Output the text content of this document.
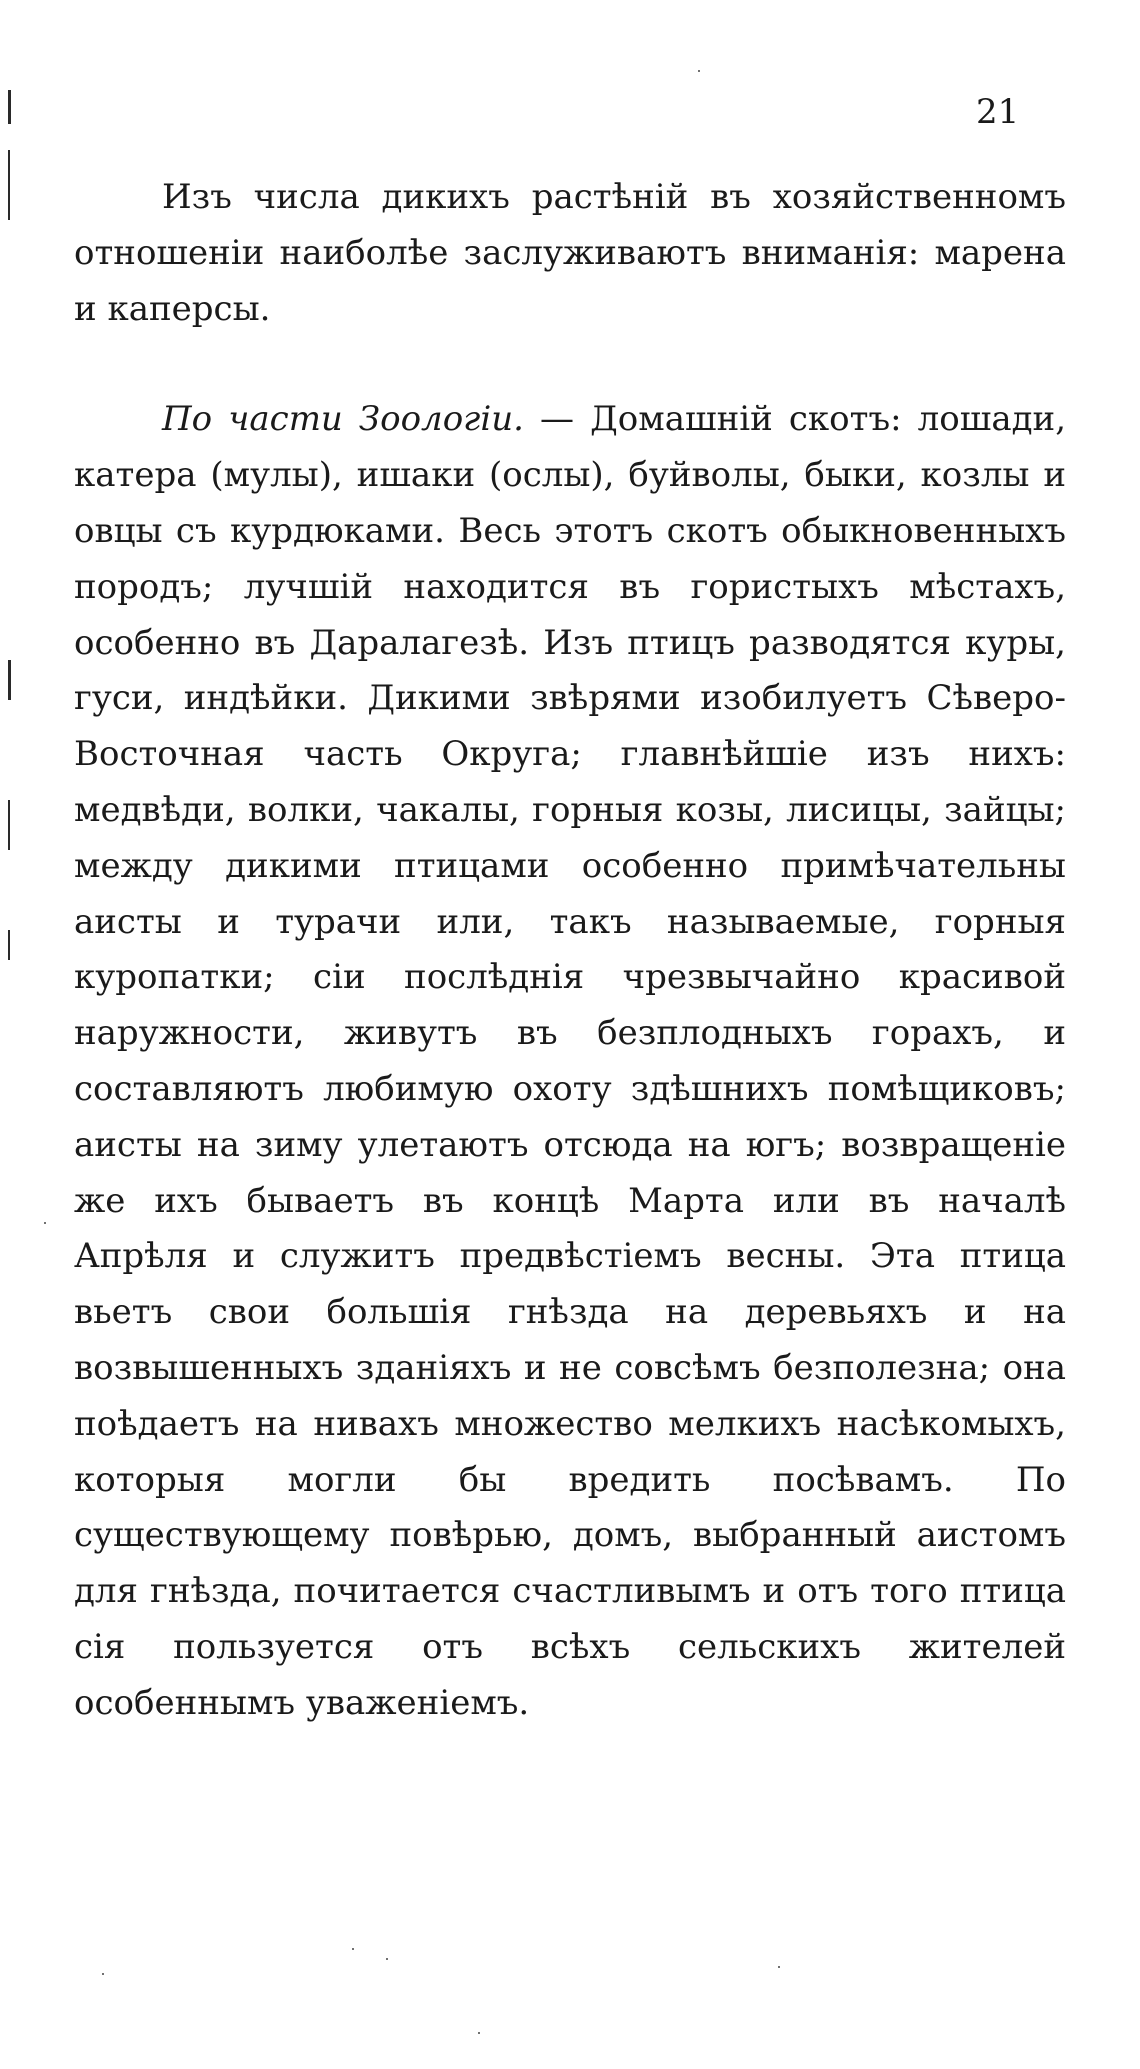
21

Изъ числа дикихъ растѣній въ хозяйственномъ отношеніи наиболѣе заслуживаютъ вниманія: марена и каперсы.

По части Зоологіи. — Домашній скотъ: лошади, катера (мулы), ишаки (ослы), буйволы, быки, козлы и овцы съ курдюками. Весь этотъ скотъ обыкновенныхъ породъ; лучшій находится въ гористыхъ мѣстахъ, особенно въ Даралагезѣ. Изъ птицъ разводятся куры, гуси, индѣйки. Дикими звѣрями изобилуетъ Сѣверо-Восточная часть Округа; главнѣйшіе изъ нихъ: медвѣди, волки, чакалы, горныя козы, лисицы, зайцы; между дикими птицами особенно примѣчательны аисты и турачи или, такъ называемые, горныя куропатки; сіи послѣднія чрезвычайно красивой наружности, живутъ въ безплодныхъ горахъ, и составляютъ любимую охоту здѣшнихъ помѣщиковъ; аисты на зиму улетаютъ отсюда на югъ; возвращеніе же ихъ бываетъ въ концѣ Марта или въ началѣ Апрѣля и служитъ предвѣстіемъ весны. Эта птица вьетъ свои большія гнѣзда на деревьяхъ и на возвышенныхъ зданіяхъ и не совсѣмъ безполезна; она поѣдаетъ на нивахъ множество мелкихъ насѣкомыхъ, которыя могли бы вредить посѣвамъ. По существующему повѣрью, домъ, выбранный аистомъ для гнѣзда, почитается счастливымъ и отъ того птица сія пользуется отъ всѣхъ сельскихъ жителей особеннымъ уваженіемъ.
